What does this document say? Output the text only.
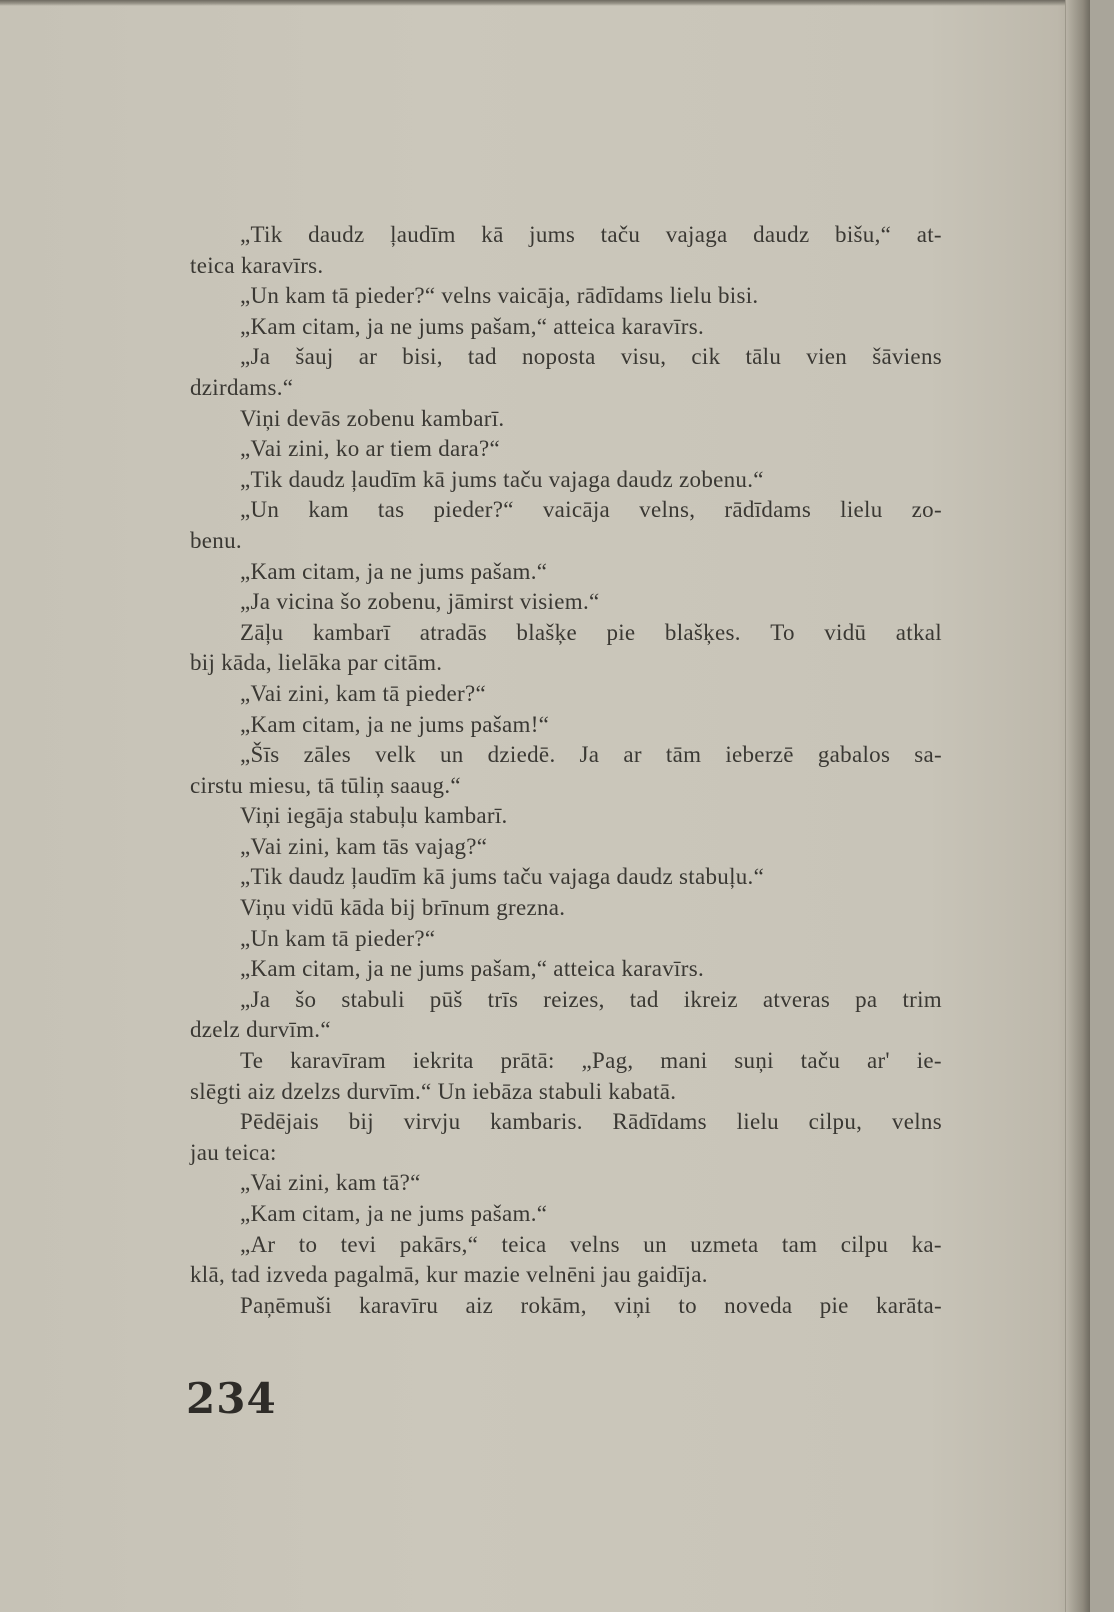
„Tik daudz ļaudīm kā jums taču vajaga daudz bišu,“ at-
teica karavīrs.
„Un kam tā pieder?“ velns vaicāja, rādīdams lielu bisi.
„Kam citam, ja ne jums pašam,“ atteica karavīrs.
„Ja šauj ar bisi, tad noposta visu, cik tālu vien šāviens
dzirdams.“
Viņi devās zobenu kambarī.
„Vai zini, ko ar tiem dara?“
„Tik daudz ļaudīm kā jums taču vajaga daudz zobenu.“
„Un kam tas pieder?“ vaicāja velns, rādīdams lielu zo-
benu.
„Kam citam, ja ne jums pašam.“
„Ja vicina šo zobenu, jāmirst visiem.“
Zāļu kambarī atradās blašķe pie blašķes. To vidū atkal
bij kāda, lielāka par citām.
„Vai zini, kam tā pieder?“
„Kam citam, ja ne jums pašam!“
„Šīs zāles velk un dziedē. Ja ar tām ieberzē gabalos sa-
cirstu miesu, tā tūliņ saaug.“
Viņi iegāja stabuļu kambarī.
„Vai zini, kam tās vajag?“
„Tik daudz ļaudīm kā jums taču vajaga daudz stabuļu.“
Viņu vidū kāda bij brīnum grezna.
„Un kam tā pieder?“
„Kam citam, ja ne jums pašam,“ atteica karavīrs.
„Ja šo stabuli pūš trīs reizes, tad ikreiz atveras pa trim
dzelz durvīm.“
Te karavīram iekrita prātā: „Pag, mani suņi taču ar' ie-
slēgti aiz dzelzs durvīm.“ Un iebāza stabuli kabatā.
Pēdējais bij virvju kambaris. Rādīdams lielu cilpu, velns
jau teica:
„Vai zini, kam tā?“
„Kam citam, ja ne jums pašam.“
„Ar to tevi pakārs,“ teica velns un uzmeta tam cilpu ka-
klā, tad izveda pagalmā, kur mazie velnēni jau gaidīja.
Paņēmuši karavīru aiz rokām, viņi to noveda pie karāta-
234
